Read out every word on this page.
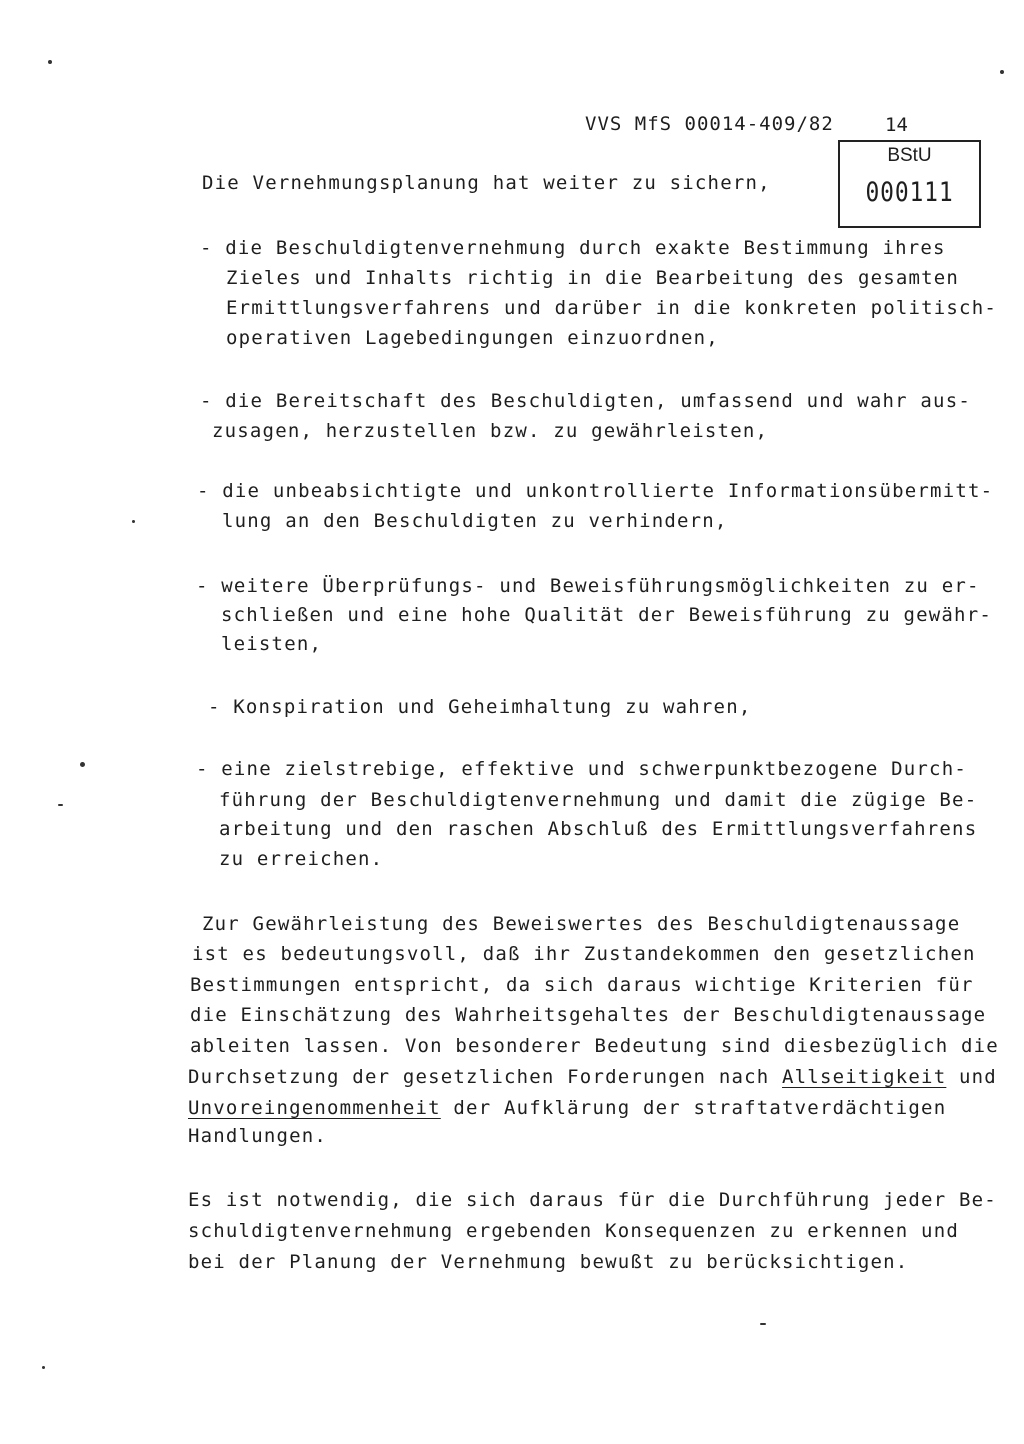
VVS MfS 00014-409/82	14
BStU
000111
Die Vernehmungsplanung hat weiter zu sichern,
- die Beschuldigtenvernehmung durch exakte Bestimmung ihres
Zieles und Inhalts richtig in die Bearbeitung des gesamten
Ermittlungsverfahrens und darüber in die konkreten politisch-
operativen Lagebedingungen einzuordnen,
- die Bereitschaft des Beschuldigten, umfassend und wahr aus-
zusagen, herzustellen bzw. zu gewährleisten,
- die unbeabsichtigte und unkontrollierte Informationsübermitt-
lung an den Beschuldigten zu verhindern,
- weitere Überprüfungs- und Beweisführungsmöglichkeiten zu er-
schließen und eine hohe Qualität der Beweisführung zu gewähr-
leisten,
- Konspiration und Geheimhaltung zu wahren,
- eine zielstrebige, effektive und schwerpunktbezogene Durch-
führung der Beschuldigtenvernehmung und damit die zügige Be-
arbeitung und den raschen Abschluß des Ermittlungsverfahrens
zu erreichen.
Zur Gewährleistung des Beweiswertes des Beschuldigtenaussage
ist es bedeutungsvoll, daß ihr Zustandekommen den gesetzlichen
Bestimmungen entspricht, da sich daraus wichtige Kriterien für
die Einschätzung des Wahrheitsgehaltes der Beschuldigtenaussage
ableiten lassen. Von besonderer Bedeutung sind diesbezüglich die
Durchsetzung der gesetzlichen Forderungen nach Allseitigkeit und
Unvoreingenommenheit der Aufklärung der straftatverdächtigen
Handlungen.
Es ist notwendig, die sich daraus für die Durchführung jeder Be-
schuldigtenvernehmung ergebenden Konsequenzen zu erkennen und
bei der Planung der Vernehmung bewußt zu berücksichtigen.
